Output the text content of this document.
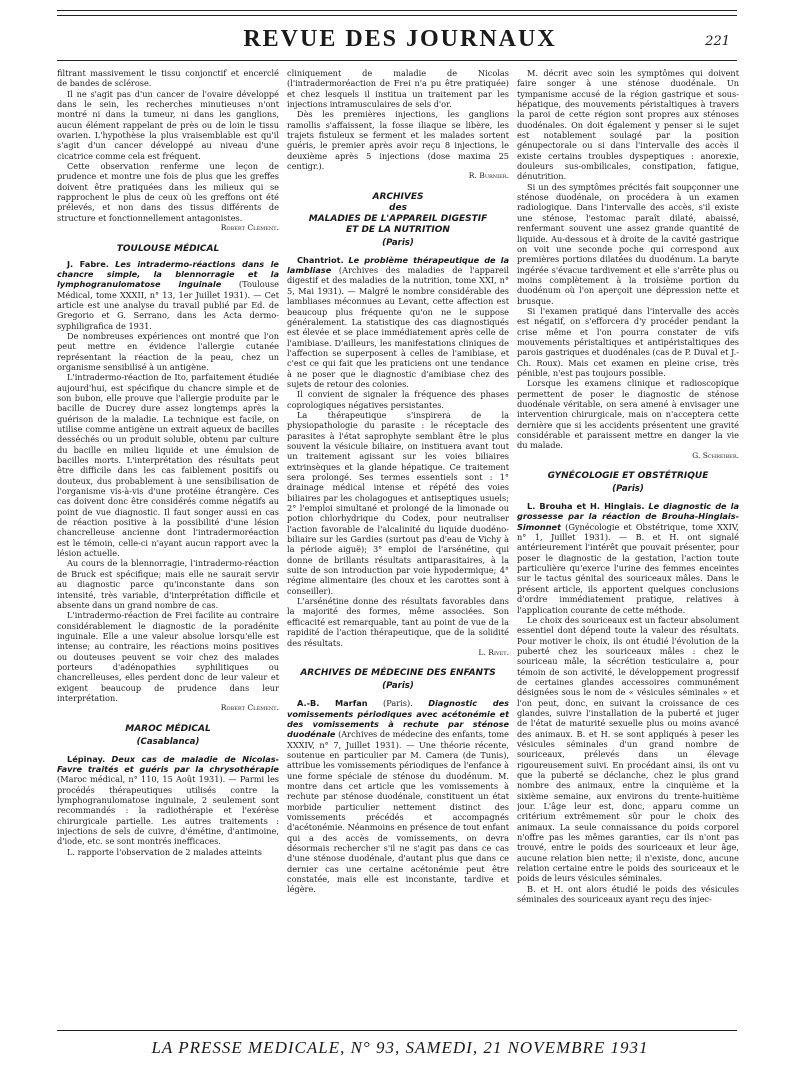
REVUE DES JOURNAUX	221

filtrant massivement le tissu conjonctif et encerclé de bandes de sclérose.

Il ne s'agit pas d'un cancer de l'ovaire développé dans le sein, les recherches minutieuses n'ont montré ni dans la tumeur, ni dans les ganglions, aucun élément rappelant de près ou de loin le tissu ovarien. L'hypothèse la plus vraisemblable est qu'il s'agit d'un cancer développé au niveau d'une cicatrice comme cela est fréquent.

Cette observation renferme une leçon de prudence et montre une fois de plus que les greffes doivent être pratiquées dans les milieux qui se rapprochent le plus de ceux où les greffons ont été prélevés, et non dans des tissus différents de structure et fonctionnellement antagonistes.

Robert Clément.

TOULOUSE MÉDICAL

J. Fabre. Les intradermo-réactions dans le chancre simple, la blennorragie et la lymphogranulomatose inguinale (Toulouse Médical, tome XXXII, n° 13, 1er Juillet 1931). — Cet article est une analyse du travail publié par Ed. de Gregorio et G. Serrano, dans les Acta dermo-syphiligrafica de 1931.

De nombreuses expériences ont montré que l'on peut mettre en évidence l'allergie cutanée représentant la réaction de la peau, chez un organisme sensibilisé à un antigène.

L'intradermo-réaction de Ito, parfaitement étudiée aujourd'hui, est spécifique du chancre simple et de son bubon, elle prouve que l'allergie produite par le bacille de Ducrey dure assez longtemps après la guérison de la maladie. La technique est facile, on utilise comme antigène un extrait aqueux de bacilles desséchés ou un produit soluble, obtenu par culture du bacille en milieu liquide et une émulsion de bacilles morts. L'interprétation des résultats peut être difficile dans les cas faiblement positifs ou douteux, dus probablement à une sensibilisation de l'organisme vis-à-vis d'une protéine étrangère. Ces cas doivent donc être considérés comme négatifs au point de vue diagnostic. Il faut songer aussi en cas de réaction positive à la possibilité d'une lésion chancrelleuse ancienne dont l'intradermoréaction est le témoin, celle-ci n'ayant aucun rapport avec la lésion actuelle.

Au cours de la blennorragie, l'intradermo-réaction de Bruck est spécifique; mais elle ne saurait servir au diagnostic parce qu'inconstante dans son intensité, très variable, d'interprétation difficile et absente dans un grand nombre de cas.

L'intradermo-réaction de Frei facilite au contraire considérablement le diagnostic de la poradénite inguinale. Elle a une valeur absolue lorsqu'elle est intense; au contraire, les réactions moins positives ou douteuses peuvent se voir chez des malades porteurs d'adénopathies syphilitiques ou chancrelleuses, elles perdent donc de leur valeur et exigent beaucoup de prudence dans leur interprétation.

Robert Clément.

MAROC MÉDICAL
(Casablanca)

Lépinay. Deux cas de maladie de Nicolas-Favre traités et guéris par la chrysothérapie (Maroc médical, n° 110, 15 Août 1931). — Parmi les procédés thérapeutiques utilisés contre la lymphogranulomatose inguinale, 2 seulement sont recommandés : la radiothérapie et l'exérèse chirurgicale partielle. Les autres traitements : injections de sels de cuivre, d'émétine, d'antimoine, d'iode, etc. se sont montrés inefficaces.

L. rapporte l'observation de 2 malades atteints

cliniquement de maladie de Nicolas (l'intradermoréaction de Frei n'a pu être pratiquée) et chez lesquels il institua un traitement par les injections intramusculaires de sels d'or.

Dès les premières injections, les ganglions ramollis s'affaissent, la fosse iliaque se libère, les trajets fistuleux se ferment et les malades sortent guéris, le premier après avoir reçu 8 injections, le deuxième après 5 injections (dose maxima 25 centigr.).

R. Burnier.

ARCHIVES
des
MALADIES DE L'APPAREIL DIGESTIF
ET DE LA NUTRITION
(Paris)

Chantriot. Le problème thérapeutique de la lambliase (Archives des maladies de l'appareil digestif et des maladies de la nutrition, tome XXI, n° 5, Mai 1931). — Malgré le nombre considérable des lambliases méconnues au Levant, cette affection est beaucoup plus fréquente qu'on ne le suppose généralement. La statistique des cas diagnostiqués est élevée et se place immédiatement après celle de l'amibiase. D'ailleurs, les manifestations cliniques de l'affection se superposent à celles de l'amibiase, et c'est ce qui fait que les praticiens ont une tendance à ne poser que le diagnostic d'amibiase chez des sujets de retour des colonies.

Il convient de signaler la fréquence des phases coprologiques négatives persistantes.

La thérapeutique s'inspirera de la physiopathologie du parasite : le réceptacle des parasites à l'état saprophyte semblant être le plus souvent la vésicule biliaire, on instituera avant tout un traitement agissant sur les voies biliaires extrinsèques et la glande hépatique. Ce traitement sera prolongé. Ses termes essentiels sont : 1° drainage médical intense et répété des voies biliaires par les cholagogues et antiseptiques usuels; 2° l'emploi simultané et prolongé de la limonade ou potion chlorhydrique du Codex, pour neutraliser l'action favorable de l'alcalinité du liquide duodéno-biliaire sur les Gardies (surtout pas d'eau de Vichy à la période aiguë); 3° emploi de l'arsénétine, qui donne de brillants résultats antiparasitaires, à la suite de son introduction par voie hypodermique; 4° régime alimentaire (les choux et les carottes sont à conseiller).

L'arsénétine donne des résultats favorables dans la majorité des formes, même associées. Son efficacité est remarquable, tant au point de vue de la rapidité de l'action thérapeutique, que de la solidité des résultats.

L. Rivet.

ARCHIVES DE MÉDECINE DES ENFANTS
(Paris)

A.-B. Marfan (Paris). Diagnostic des vomissements périodiques avec acétonémie et des vomissements à rechute par sténose duodénale (Archives de médecine des enfants, tome XXXIV, n° 7, Juillet 1931). — Une théorie récente, soutenue en particulier par M. Camera (de Tunis), attribue les vomissements périodiques de l'enfance à une forme spéciale de sténose du duodénum. M. montre dans cet article que les vomissements à rechute par sténose duodénale, constituent un état morbide particulier nettement distinct des vomissements précédés et accompagnés d'acétonémie. Néanmoins en présence de tout enfant qui a des accès de vomissements, on devra désormais rechercher s'il ne s'agit pas dans ce cas d'une sténose duodénale, d'autant plus que dans ce dernier cas une certaine acétonémie peut être constatée, mais elle est inconstante, tardive et légère.

M. décrit avec soin les symptômes qui doivent faire songer à une sténose duodénale. Un tympanisme accusé de la région gastrique et sous-hépatique, des mouvements péristaltiques à travers la paroi de cette région sont propres aux sténoses duodénales. On doit également y penser si le sujet est notablement soulagé par la position génupectorale ou si dans l'intervalle des accès il existe certains troubles dyspeptiques : anorexie, douleurs sus-ombilicales, constipation, fatigue, dénutrition.

Si un des symptômes précités fait soupçonner une sténose duodénale, on procédera à un examen radiologique. Dans l'intervalle des accès, s'il existe une sténose, l'estomac paraît dilaté, abaissé, renfermant souvent une assez grande quantité de liquide. Au-dessous et à droite de la cavité gastrique on voit une seconde poche qui correspond aux premières portions dilatées du duodénum. La baryte ingérée s'évacue tardivement et elle s'arrête plus ou moins complètement à la troisième portion du duodénum où l'on aperçoit une dépression nette et brusque.

Si l'examen pratiqué dans l'intervalle des accès est négatif, on s'efforcera d'y procéder pendant la crise même et l'on pourra constater de vifs mouvements péristaltiques et antipéristaltiques des parois gastriques et duodénales (cas de P. Duval et J.-Ch. Roux). Mais cet examen en pleine crise, très pénible, n'est pas toujours possible.

Lorsque les examens clinique et radioscopique permettent de poser le diagnostic de sténose duodénale véritable, on sera amené à envisager une intervention chirurgicale, mais on n'acceptera cette dernière que si les accidents présentent une gravité considérable et paraissent mettre en danger la vie du malade.

G. Schreiber.

GYNÉCOLOGIE ET OBSTÉTRIQUE
(Paris)

L. Brouha et H. Hinglais. Le diagnostic de la grossesse par la réaction de Brouha-Hinglais-Simonnet (Gynécologie et Obstétrique, tome XXIV, n° 1, Juillet 1931). — B. et H. ont signalé antérieurement l'intérêt que pouvait présenter, pour poser le diagnostic de la gestation, l'action toute particulière qu'exerce l'urine des femmes enceintes sur le tactus génital des souriceaux mâles. Dans le présent article, ils apportent quelques conclusions d'ordre immédiatement pratique, relatives à l'application courante de cette méthode.

Le choix des souriceaux est un facteur absolument essentiel dont dépend toute la valeur des résultats. Pour motiver le choix, ils ont étudié l'évolution de la puberté chez les souriceaux mâles : chez le souriceau mâle, la sécrétion testiculaire a, pour témoin de son activité, le développement progressif de certaines glandes accessoires communément désignées sous le nom de « vésicules séminales » et l'on peut, donc, en suivant la croissance de ces glandes, suivre l'installation de la puberté et juger de l'état de maturité sexuelle plus ou moins avancé des animaux. B. et H. se sont appliqués à peser les vésicules séminales d'un grand nombre de souriceaux, prélevés dans un élevage rigoureusement suivi. En procédant ainsi, ils ont vu que la puberté se déclanche, chez le plus grand nombre des animaux, entre la cinquième et la sixième semaine, aux environs du trente-huitième jour. L'âge leur est, donc, apparu comme un critérium extrêmement sûr pour le choix des animaux. La seule connaissance du poids corporel n'offre pas les mêmes garanties, car ils n'ont pas trouvé, entre le poids des souriceaux et leur âge, aucune relation bien nette; il n'existe, donc, aucune relation certaine entre le poids des souriceaux et le poids de leurs vésicules séminales.

B. et H. ont alors étudié le poids des vésicules séminales des souriceaux ayant reçu des injec-

LA PRESSE MEDICALE, N° 93, SAMEDI, 21 NOVEMBRE 1931
